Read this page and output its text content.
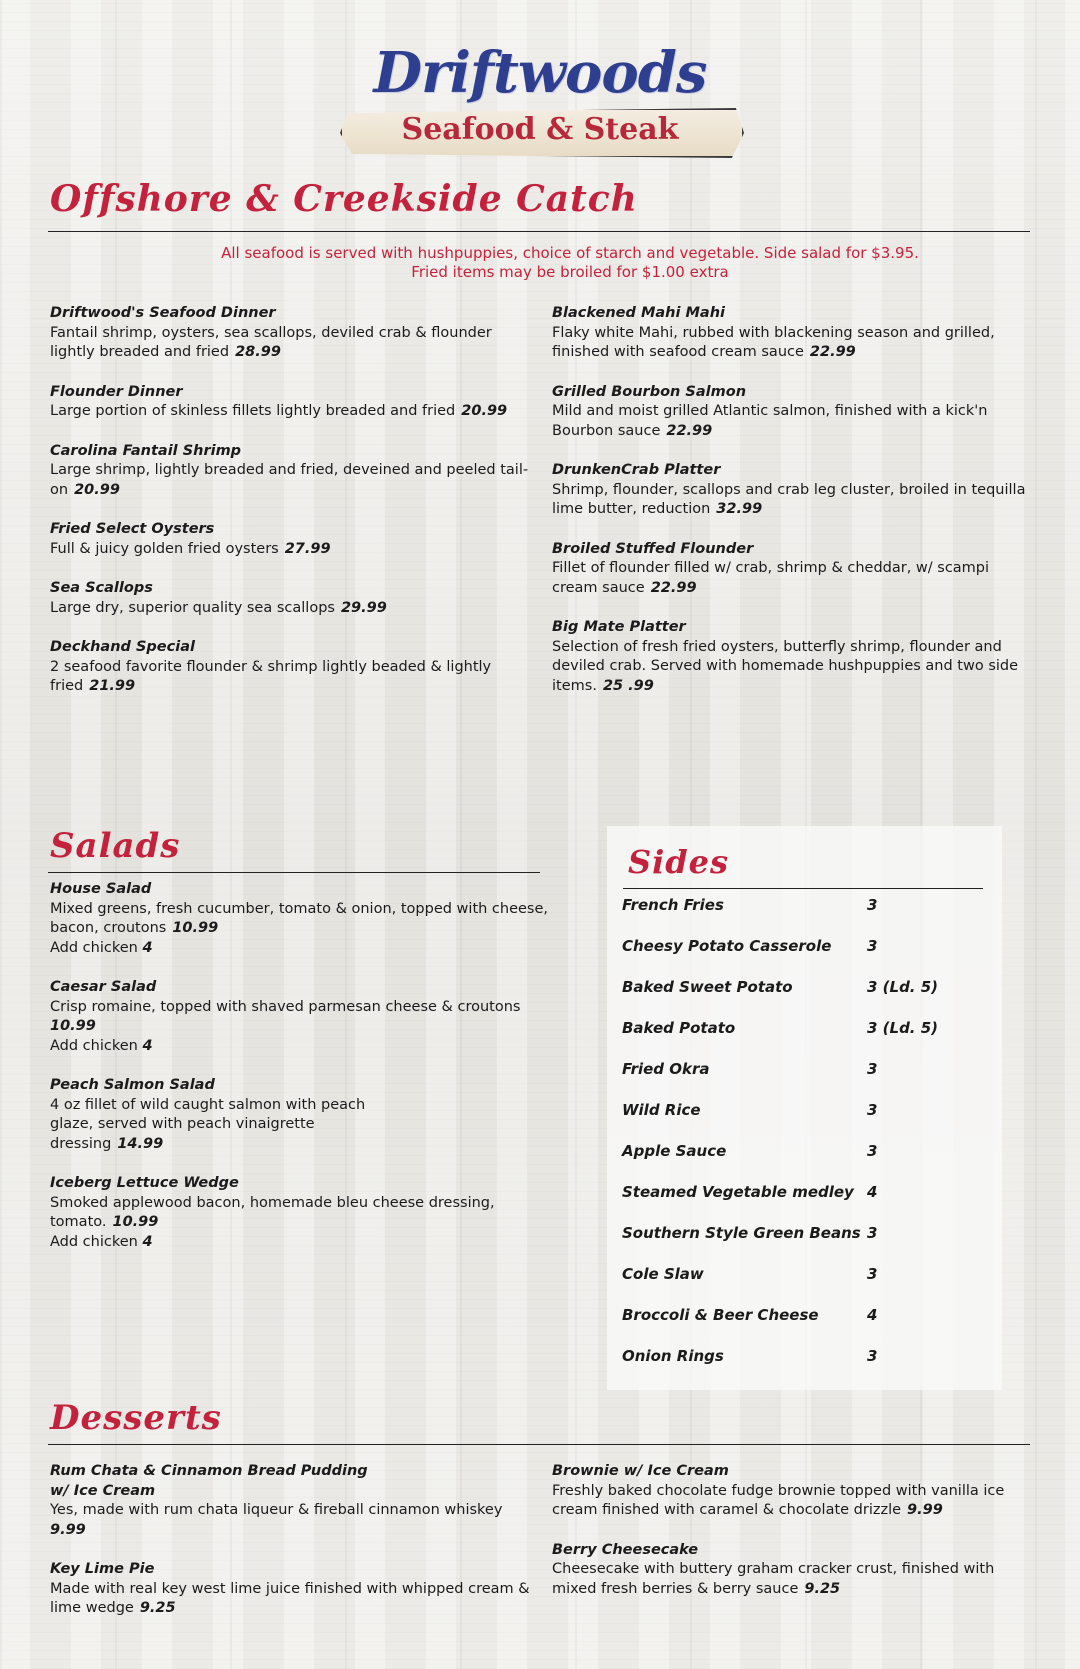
Driftwoods
Seafood & Steak
Offshore & Creekside Catch
All seafood is served with hushpuppies, choice of starch and vegetable. Side salad for $3.95.
Fried items may be broiled for $1.00 extra
Driftwood's Seafood Dinner
Fantail shrimp, oysters, sea scallops, deviled crab & flounder lightly breaded and fried 28.99
Flounder Dinner
Large portion of skinless fillets lightly breaded and fried 20.99
Carolina Fantail Shrimp
Large shrimp, lightly breaded and fried, deveined and peeled tail-on 20.99
Fried Select Oysters
Full & juicy golden fried oysters 27.99
Sea Scallops
Large dry, superior quality sea scallops 29.99
Deckhand Special
2 seafood favorite flounder & shrimp lightly beaded & lightly fried 21.99
Blackened Mahi Mahi
Flaky white Mahi, rubbed with blackening season and grilled, finished with seafood cream sauce 22.99
Grilled Bourbon Salmon
Mild and moist grilled Atlantic salmon, finished with a kick'n Bourbon sauce 22.99
DrunkenCrab Platter
Shrimp, flounder, scallops and crab leg cluster, broiled in tequilla lime butter, reduction 32.99
Broiled Stuffed Flounder
Fillet of flounder filled w/ crab, shrimp & cheddar, w/ scampi cream sauce 22.99
Big Mate Platter
Selection of fresh fried oysters, butterfly shrimp, flounder and deviled crab. Served with homemade hushpuppies and two side items. 25 .99
Salads
House Salad
Mixed greens, fresh cucumber, tomato & onion, topped with cheese, bacon, croutons 10.99
Add chicken 4
Caesar Salad
Crisp romaine, topped with shaved parmesan cheese & croutons
10.99
Add chicken 4
Peach Salmon Salad
4 oz fillet of wild caught salmon with peach glaze, served with peach vinaigrette dressing 14.99
Iceberg Lettuce Wedge
Smoked applewood bacon, homemade bleu cheese dressing, tomato. 10.99
Add chicken 4
Sides
French Fries	3
Cheesy Potato Casserole 3
Baked Sweet Potato	3 (Ld. 5)
Baked Potato	3 (Ld. 5)
Fried Okra	3
Wild Rice	3
Apple Sauce	3
Steamed Vegetable medley 4
Southern Style Green Beans 3
Cole Slaw	3
Broccoli & Beer Cheese	4
Onion Rings	3
Desserts
Rum Chata & Cinnamon Bread Pudding w/ Ice Cream
Yes, made with rum chata liqueur & fireball cinnamon whiskey
9.99
Key Lime Pie
Made with real key west lime juice finished with whipped cream & lime wedge 9.25
Brownie w/ Ice Cream
Freshly baked chocolate fudge brownie topped with vanilla ice cream finished with caramel & chocolate drizzle 9.99
Berry Cheesecake
Cheesecake with buttery graham cracker crust, finished with mixed fresh berries & berry sauce 9.25
